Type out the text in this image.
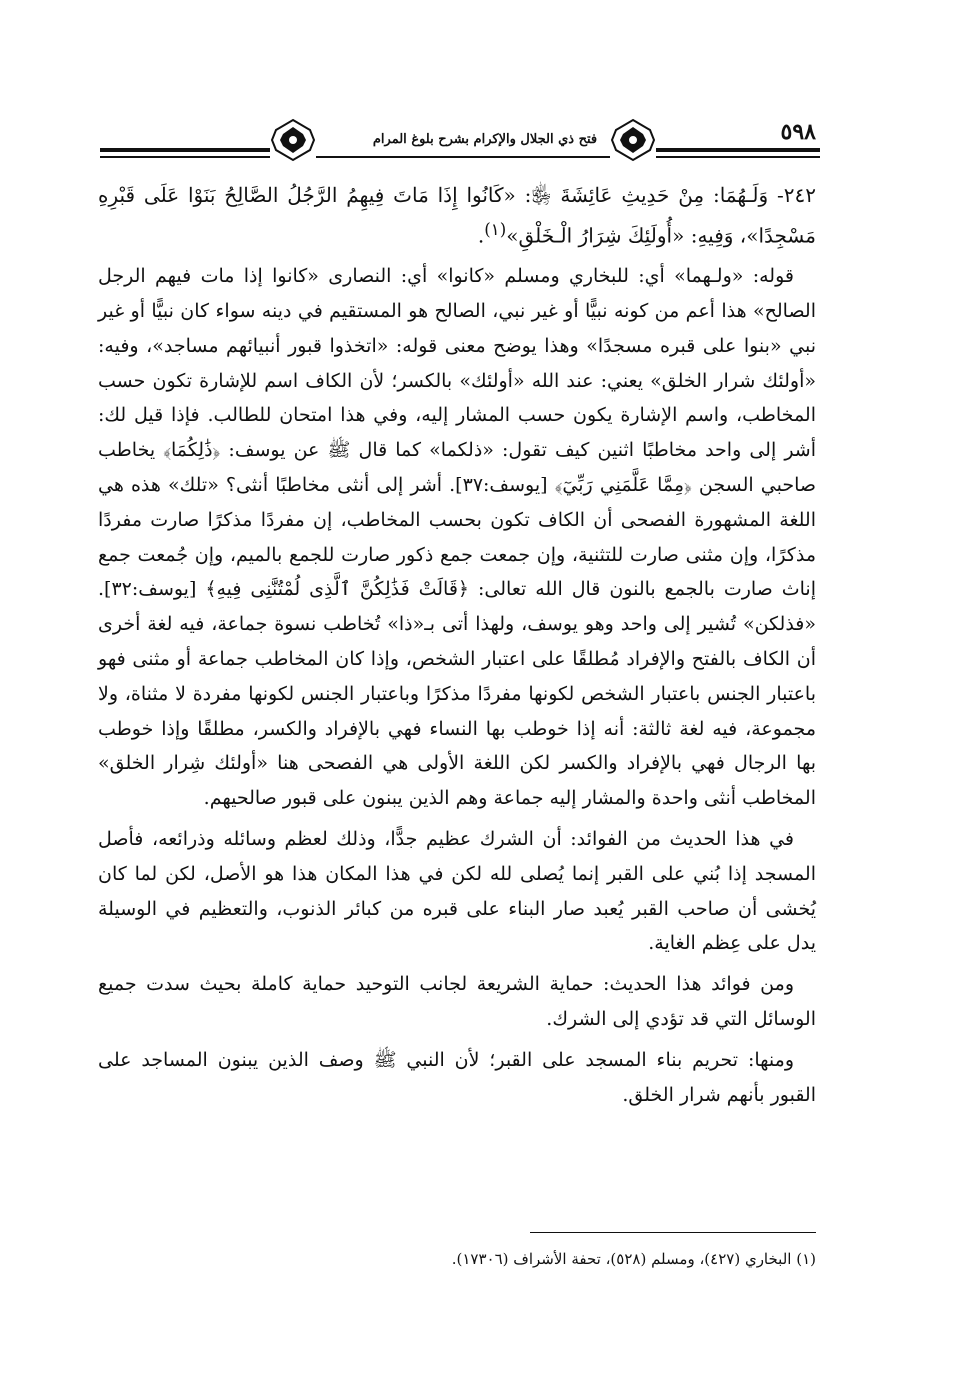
فتح ذي الجلال والإكرام بشرح بلوغ المرام	٥٩٨

٢٤٢- وَلَـهُمَا: مِنْ حَدِيثِ عَائِشَةَ ﵂: «كَانُوا إِذَا مَاتَ فِيهِمُ الرَّجُلُ الصَّالِحُ بَنَوْا عَلَى قَبْرِهِ مَسْجِدًا»، وَفِيهِ: «أُولَئِكَ شِرَارُ الْـخَلْقِ»$^{(١)}$.

قوله: «ولـهما» أي: للبخاري ومسلم «كانوا» أي: النصارى «كانوا إذا مات فيهم الرجل الصالح» هذا أعم من كونه نبيًّا أو غير نبي، الصالح هو المستقيم في دينه سواء كان نبيًّا أو غير نبي «بنوا على قبره مسجدًا» وهذا يوضح معنى قوله: «اتخذوا قبور أنبيائهم مساجد»، وفيه: «أولئك شرار الخلق» يعني: عند الله «أولئك» بالكسر؛ لأن الكاف اسم للإشارة تكون حسب المخاطب، واسم الإشارة يكون حسب المشار إليه، وفي هذا امتحان للطالب. فإذا قيل لك: أشر إلى واحد مخاطبًا اثنين كيف تقول: «ذلكما» كما قال ﷺ عن يوسف: ﴿ذَٰلِكُمَا﴾ يخاطب صاحبي السجن ﴿مِمَّا عَلَّمَنِي رَبِّيٓ﴾ [يوسف:٣٧]. أشر إلى أنثى مخاطبًا أنثى؟ «تلك» هذه هي اللغة المشهورة الفصحى أن الكاف تكون بحسب المخاطب، إن مفردًا مذكرًا صارت مفردًا مذكرًا، وإن مثنى صارت للتثنية، وإن جمعت جمع ذكور صارت للجمع بالميم، وإن جُمعت جمع إناث صارت بالجمع بالنون قال الله تعالى: ﴿قَالَتْ فَذَٰلِكُنَّ ٱلَّذِى لُمْتُنَّنِى فِيهِ﴾ [يوسف:٣٢]. «فذلكن» تُشير إلى واحد وهو يوسف، ولهذا أتى بـ«ذا» تُخاطب نسوة جماعة، فيه لغة أخرى أن الكاف بالفتح والإفراد مُطلقًا على اعتبار الشخص، وإذا كان المخاطب جماعة أو مثنى فهو باعتبار الجنس باعتبار الشخص لكونها مفردًا مذكرًا وباعتبار الجنس لكونها مفردة لا مثناة، ولا مجموعة، فيه لغة ثالثة: أنه إذا خوطب بها النساء فهي بالإفراد والكسر، مطلقًا وإذا خوطب بها الرجال فهي بالإفراد والكسر لكن اللغة الأولى هي الفصحى هنا «أولئك شِرار الخلق» المخاطب أنثى واحدة والمشار إليه جماعة وهم الذين يبنون على قبور صالحيهم.

في هذا الحديث من الفوائد: أن الشرك عظيم جدًّا، وذلك لعظم وسائله وذرائعه، فأصل المسجد إذا بُني على القبر إنما يُصلى لله لكن في هذا المكان هذا هو الأصل، لكن لما كان يُخشى أن صاحب القبر يُعبد صار البناء على قبره من كبائر الذنوب، والتعظيم في الوسيلة يدل على عِظم الغاية.

ومن فوائد هذا الحديث: حماية الشريعة لجانب التوحيد حماية كاملة بحيث سدت جميع الوسائل التي قد تؤدي إلى الشرك.

ومنها: تحريم بناء المسجد على القبر؛ لأن النبي ﷺ وصف الذين يبنون المساجد على القبور بأنهم شرار الخلق.

(١) البخاري (٤٢٧)، ومسلم (٥٢٨)، تحفة الأشراف (١٧٣٠٦).
